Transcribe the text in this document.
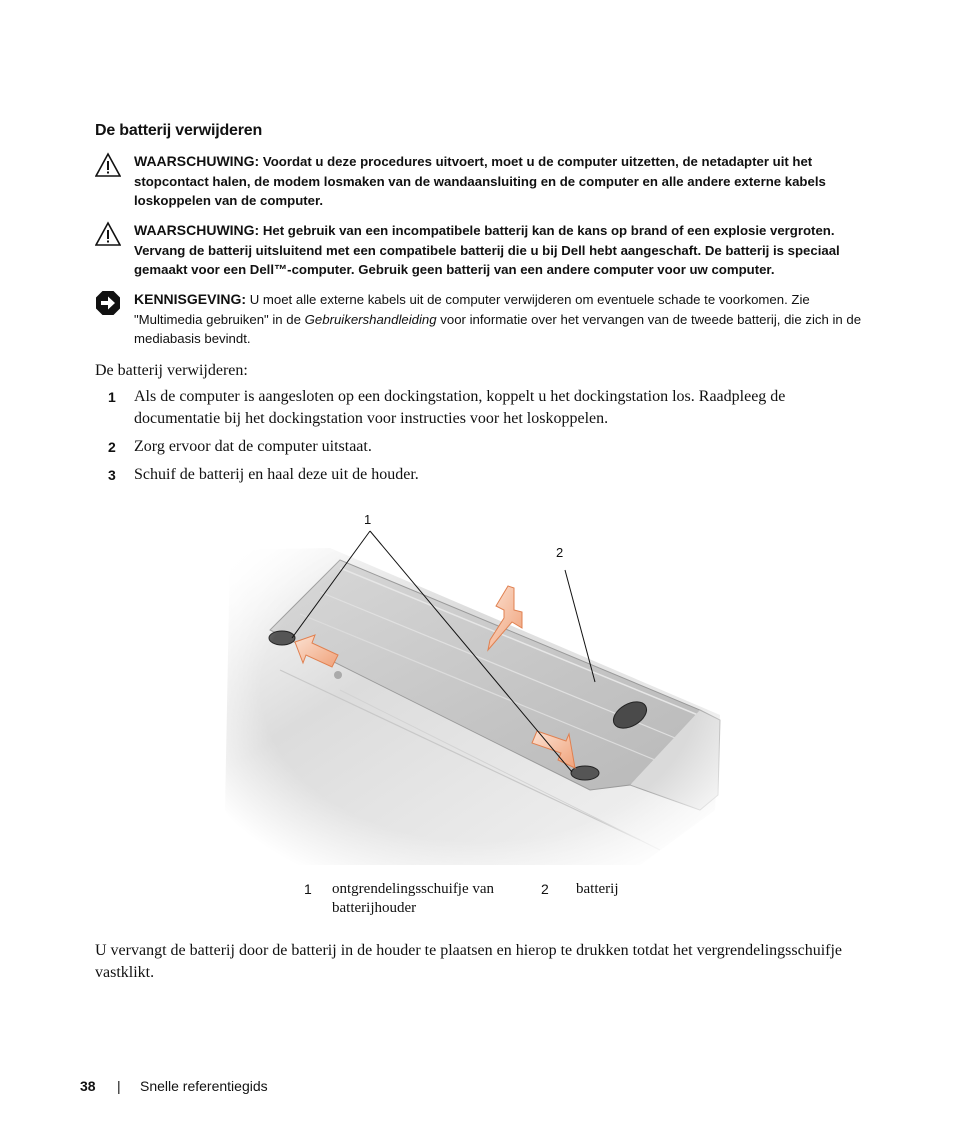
De batterij verwijderen
WAARSCHUWING: Voordat u deze procedures uitvoert, moet u de computer uitzetten, de netadapter uit het stopcontact halen, de modem losmaken van de wandaansluiting en de computer en alle andere externe kabels loskoppelen van de computer.
WAARSCHUWING: Het gebruik van een incompatibele batterij kan de kans op brand of een explosie vergroten. Vervang de batterij uitsluitend met een compatibele batterij die u bij Dell hebt aangeschaft. De batterij is speciaal gemaakt voor een Dell™-computer. Gebruik geen batterij van een andere computer voor uw computer.
KENNISGEVING: U moet alle externe kabels uit de computer verwijderen om eventuele schade te voorkomen. Zie "Multimedia gebruiken" in de Gebruikershandleiding voor informatie over het vervangen van de tweede batterij, die zich in de mediabasis bevindt.
De batterij verwijderen:
1 Als de computer is aangesloten op een dockingstation, koppelt u het dockingstation los. Raadpleeg de documentatie bij het dockingstation voor instructies voor het loskoppelen.
2 Zorg ervoor dat de computer uitstaat.
3 Schuif de batterij en haal deze uit de houder.
1
2
1 ontgrendelingsschuifje van batterijhouder
2 batterij
U vervangt de batterij door de batterij in de houder te plaatsen en hierop te drukken totdat het vergrendelingsschuifje vastklikt.
38 | Snelle referentiegids
